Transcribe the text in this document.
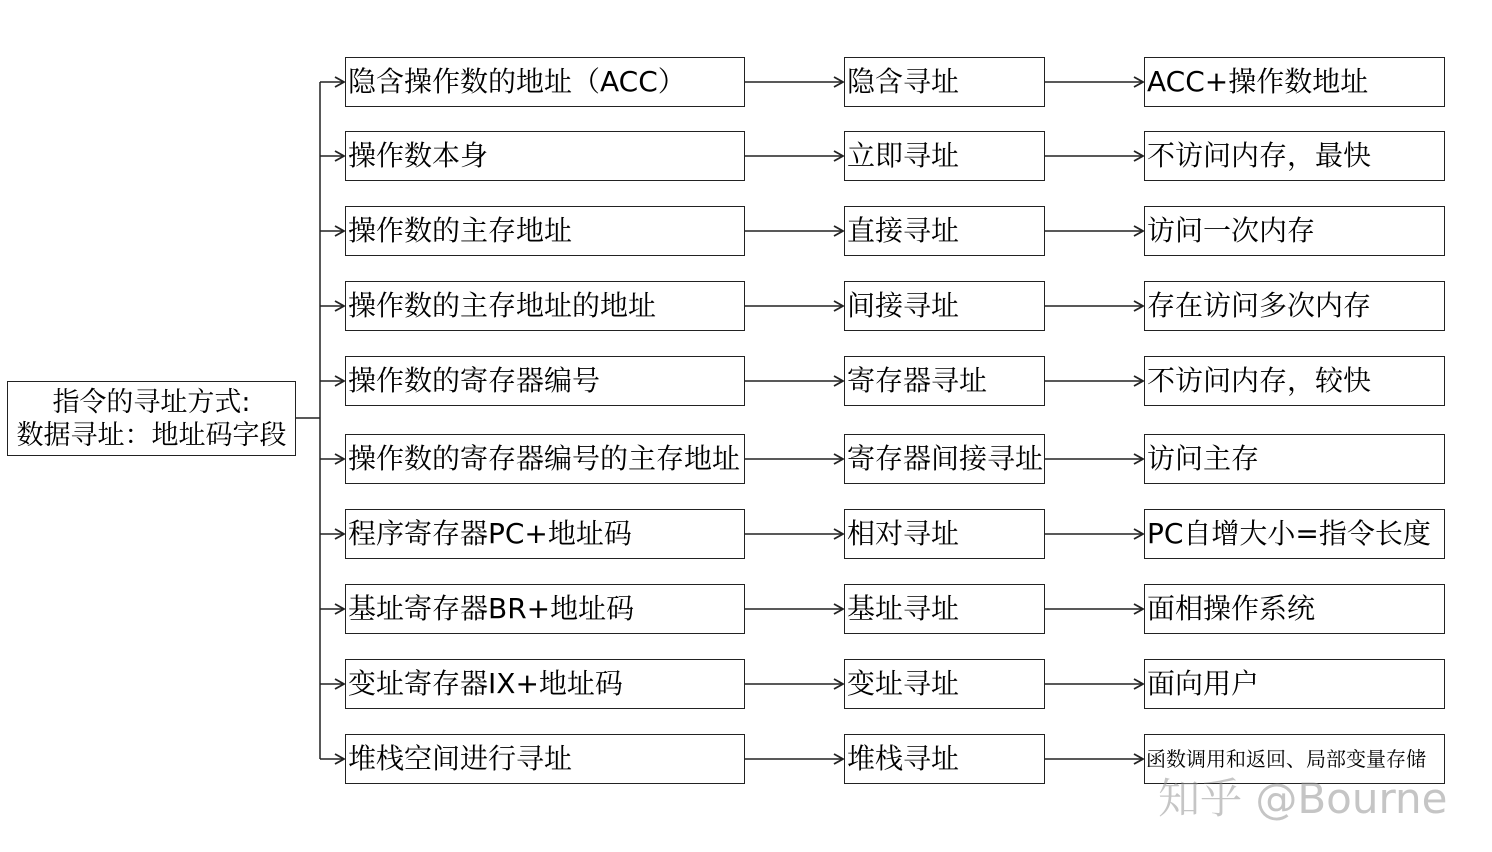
指令的寻址方式:
数据寻址：地址码字段
隐含操作数的地址（ACC）	隐含寻址	ACC+操作数地址
操作数本身	立即寻址	不访问内存，最快
操作数的主存地址	直接寻址	访问一次内存
操作数的主存地址的地址	间接寻址	存在访问多次内存
操作数的寄存器编号	寄存器寻址	不访问内存，较快
操作数的寄存器编号的主存地址	寄存器间接寻址	访问主存
程序寄存器PC+地址码	相对寻址	PC自增大小=指令长度
基址寄存器BR+地址码	基址寻址	面相操作系统
变址寄存器IX+地址码	变址寻址	面向用户
堆栈空间进行寻址	堆栈寻址	函数调用和返回、局部变量存储
知乎 @Bourne
